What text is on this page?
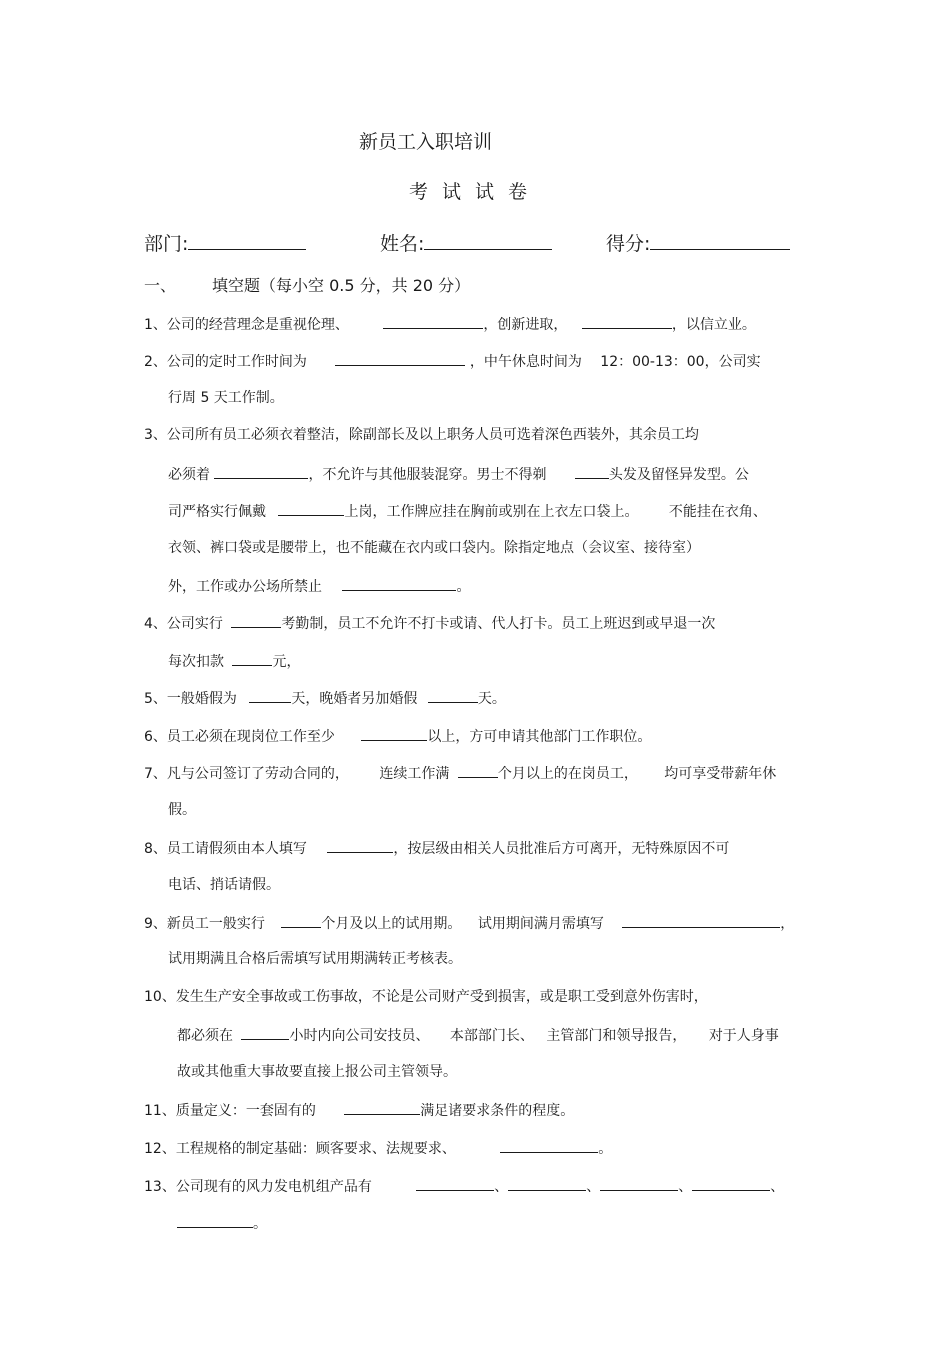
新员工入职培训
考试试卷
部门:	姓名:	得分:
一、 填空题（每小空 0.5 分，共 20 分）
1、公司的经营理念是重视伦理、	，创新进取，	，以信立业。
2、公司的定时工作时间为	，中午休息时间为 12：00-13：00，公司实
行周 5 天工作制。
3、公司所有员工必须衣着整洁，除副部长及以上职务人员可选着深色西装外，其余员工均
必须着	，不允许与其他服装混穿。男士不得剃	头发及留怪异发型。公
司严格实行佩戴	上岗，工作牌应挂在胸前或别在上衣左口袋上。 不能挂在衣角、
衣领、裤口袋或是腰带上，也不能藏在衣内或口袋内。除指定地点（会议室、接待室）
外，工作或办公场所禁止	。
4、公司实行	考勤制，员工不允许不打卡或请、代人打卡。员工上班迟到或早退一次
每次扣款	元，
5、一般婚假为	天，晚婚者另加婚假	天。
6、员工必须在现岗位工作至少	以上，方可申请其他部门工作职位。
7、凡与公司签订了劳动合同的， 连续工作满	个月以上的在岗员工， 均可享受带薪年休
假。
8、员工请假须由本人填写	，按层级由相关人员批准后方可离开，无特殊原因不可
电话、捎话请假。
9、新员工一般实行	个月及以上的试用期。 试用期间满月需填写	，
试用期满且合格后需填写试用期满转正考核表。
10、发生生产安全事故或工伤事故，不论是公司财产受到损害，或是职工受到意外伤害时，
都必须在	小时内向公司安技员、 本部部门长、 主管部门和领导报告， 对于人身事
故或其他重大事故要直接上报公司主管领导。
11、质量定义：一套固有的	满足诸要求条件的程度。
12、工程规格的制定基础：顾客要求、法规要求、	。
13、公司现有的风力发电机组产品有	、	、	、	、
。
